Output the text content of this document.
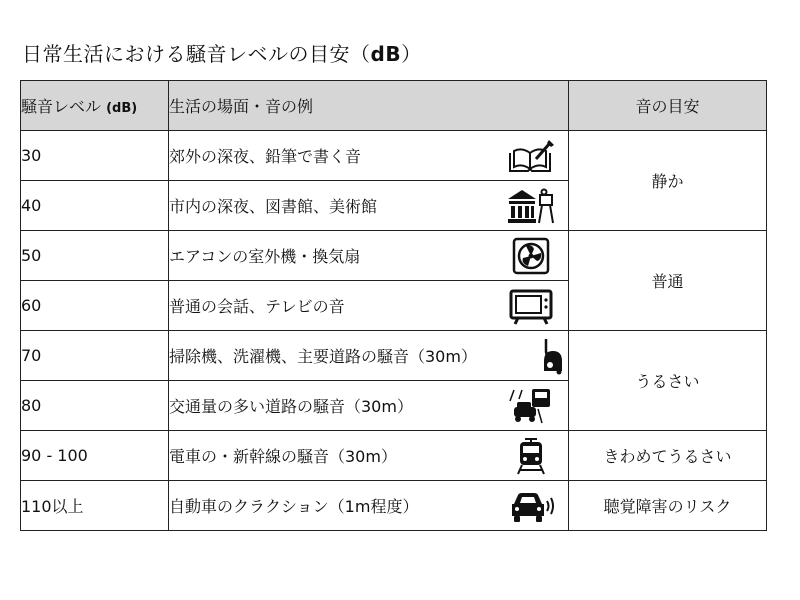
日常生活における騒音レベルの目安（dB）
騒音レベル (dB)	生活の場面・音の例	音の目安
30	郊外の深夜、鉛筆で書く音	静か
40	市内の深夜、図書館、美術館	

50	エアコンの室外機・換気扇	普通
60	普通の会話、テレビの音	

70	掃除機、洗濯機、主要道路の騒音（30m）	うるさい
80	交通量の多い道路の騒音（30m）	

90 - 100	電車の・新幹線の騒音（30m）	きわめてうるさい
110以上	自動車のクラクション（1m程度）	聴覚障害のリスク
